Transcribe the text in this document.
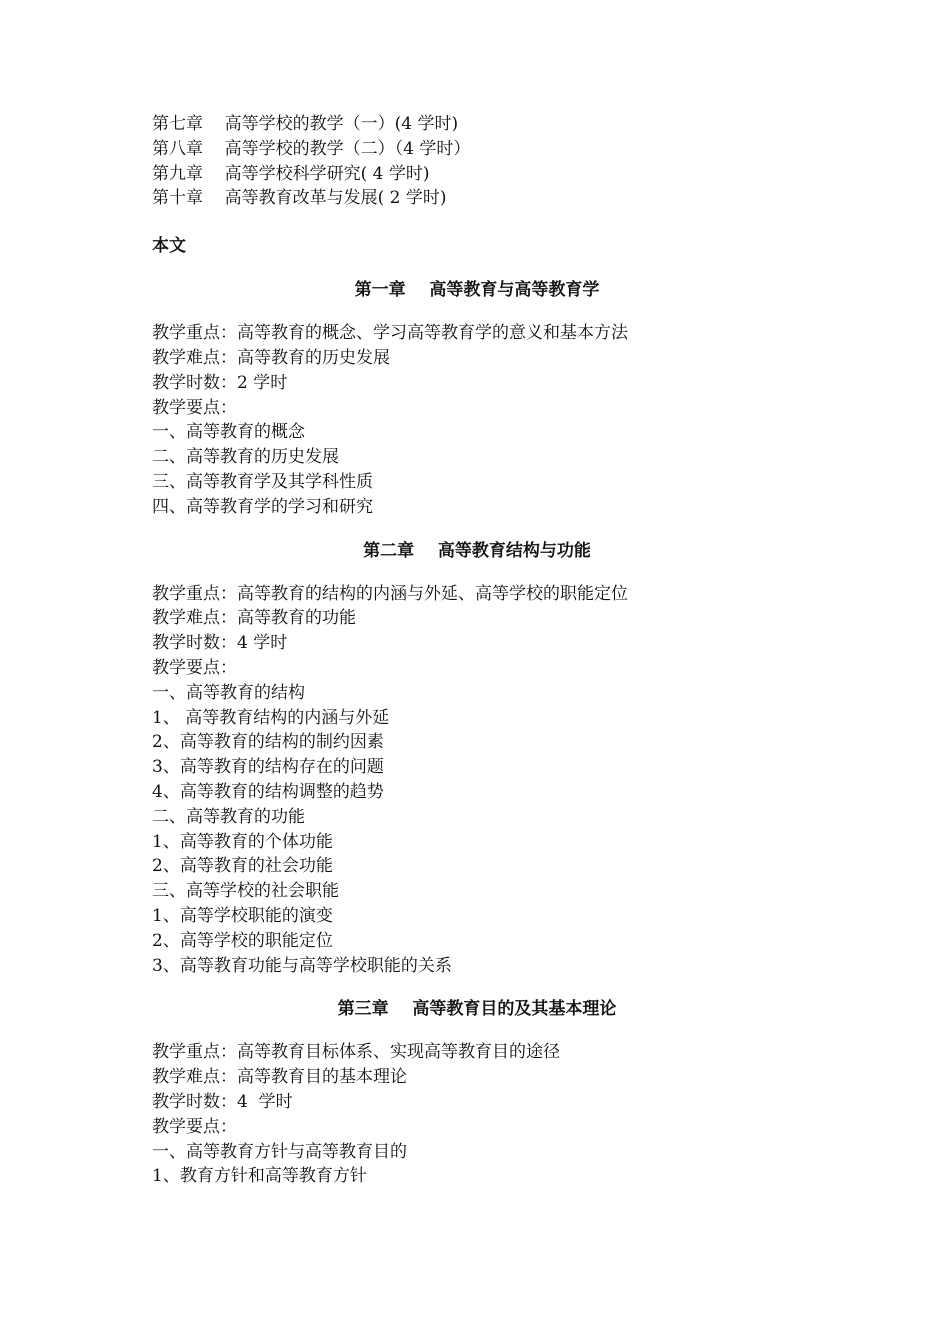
第七章    高等学校的教学（一）(4 学时)
第八章    高等学校的教学（二）（4 学时）
第九章    高等学校科学研究( 4 学时)
第十章    高等教育改革与发展( 2 学时)
本文
第一章    高等教育与高等教育学
教学重点：高等教育的概念、学习高等教育学的意义和基本方法
教学难点：高等教育的历史发展
教学时数：2 学时
教学要点：
一、高等教育的概念
二、高等教育的历史发展
三、高等教育学及其学科性质
四、高等教育学的学习和研究
第二章    高等教育结构与功能
教学重点：高等教育的结构的内涵与外延、高等学校的职能定位
教学难点：高等教育的功能
教学时数：4 学时
教学要点：
一、高等教育的结构
1、 高等教育结构的内涵与外延
2、高等教育的结构的制约因素
3、高等教育的结构存在的问题
4、高等教育的结构调整的趋势
二、高等教育的功能
1、高等教育的个体功能
2、高等教育的社会功能
三、高等学校的社会职能
1、高等学校职能的演变
2、高等学校的职能定位
3、高等教育功能与高等学校职能的关系
第三章    高等教育目的及其基本理论
教学重点：高等教育目标体系、实现高等教育目的途径
教学难点：高等教育目的基本理论
教学时数：4  学时
教学要点：
一、高等教育方针与高等教育目的
1、教育方针和高等教育方针
